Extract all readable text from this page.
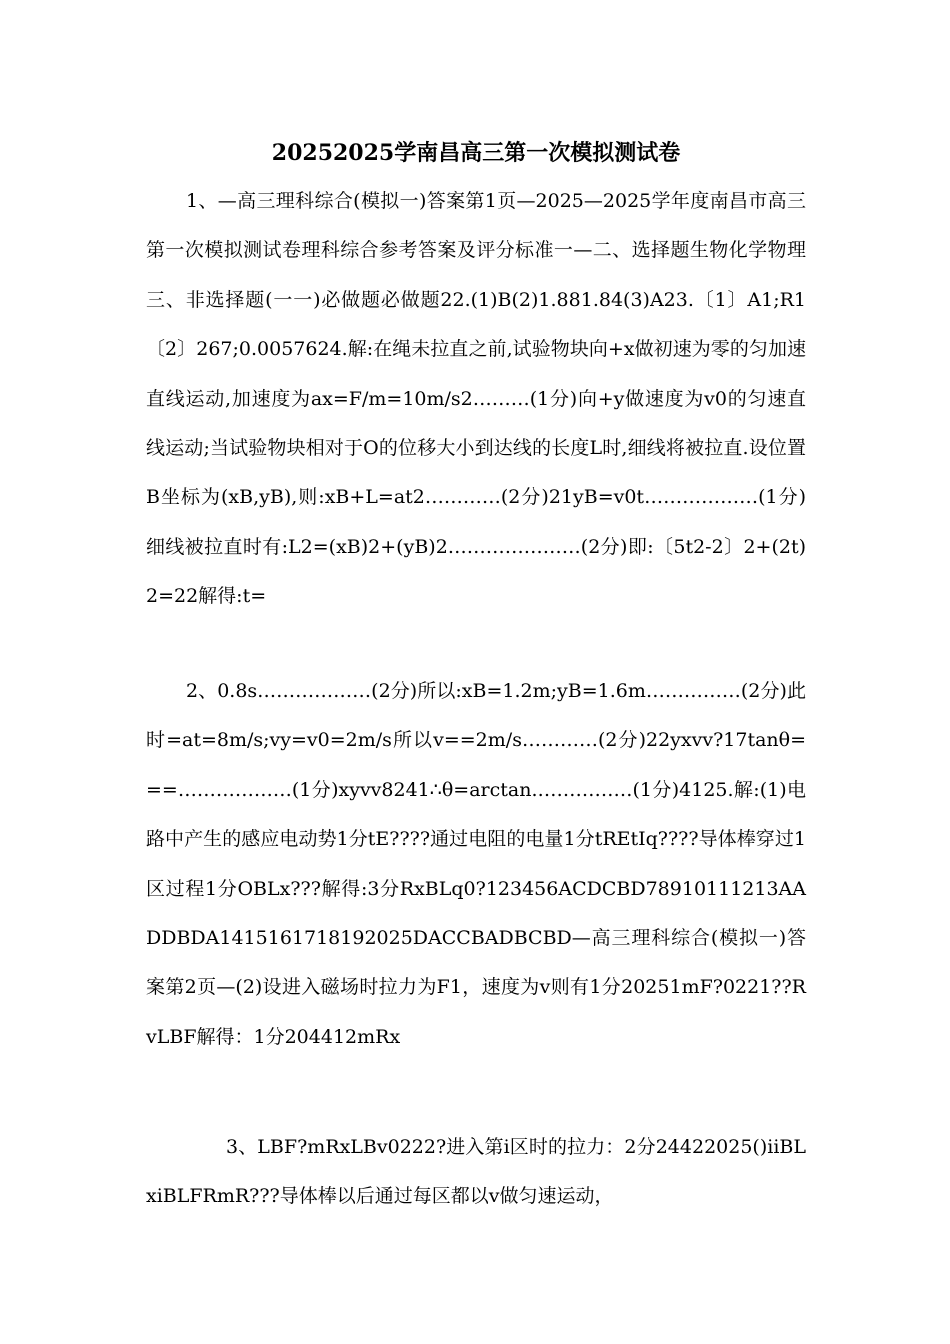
20252025学南昌高三第一次模拟测试卷
1、—高三理科综合(模拟一)答案第1页—2025—2025学年度南昌市高三第一次模拟测试卷理科综合参考答案及评分标准一—二、选择题生物化学物理三、非选择题(一一)必做题必做题22.(1)B(2)1.881.84(3)A23.〔1〕A1;R1〔2〕267;0.0057624.解:在绳未拉直之前,试验物块向+x做初速为零的匀加速直线运动,加速度为ax=F/m=10m/s2………(1分)向+y做速度为v0的匀速直线运动;当试验物块相对于O的位移大小到达线的长度L时,细线将被拉直.设位置B坐标为(xB,yB),则:xB+L=at2…………(2分)21yB=v0t………………(1分)细线被拉直时有:L2=(xB)2+(yB)2…………………(2分)即:〔5t2-2〕2+(2t)2=22解得:t=
2、0.8s………………(2分)所以:xB=1.2m;yB=1.6m……………(2分)此时=at=8m/s;vy=v0=2m/s所以v==2m/s…………(2分)22yxvv?17tanθ===………………(1分)xyvv8241∴θ=arctan.……………(1分)4125.解:(1)电路中产生的感应电动势1分tE????通过电阻的电量1分tREtIq????导体棒穿过1区过程1分OBLx???解得:3分RxBLq0?123456ACDCBD78910111213AADDBDA1415161718192025DACCBADBCBD—高三理科综合(模拟一)答案第2页—(2)设进入磁场时拉力为F1，速度为v则有1分20251mF?0221??RvLBF解得：1分204412mRx
3、LBF?mRxLBv0222?进入第i区时的拉力：2分24422025()iiBLxiBLFRmR???导体棒以后通过每区都以v做匀速运动，
